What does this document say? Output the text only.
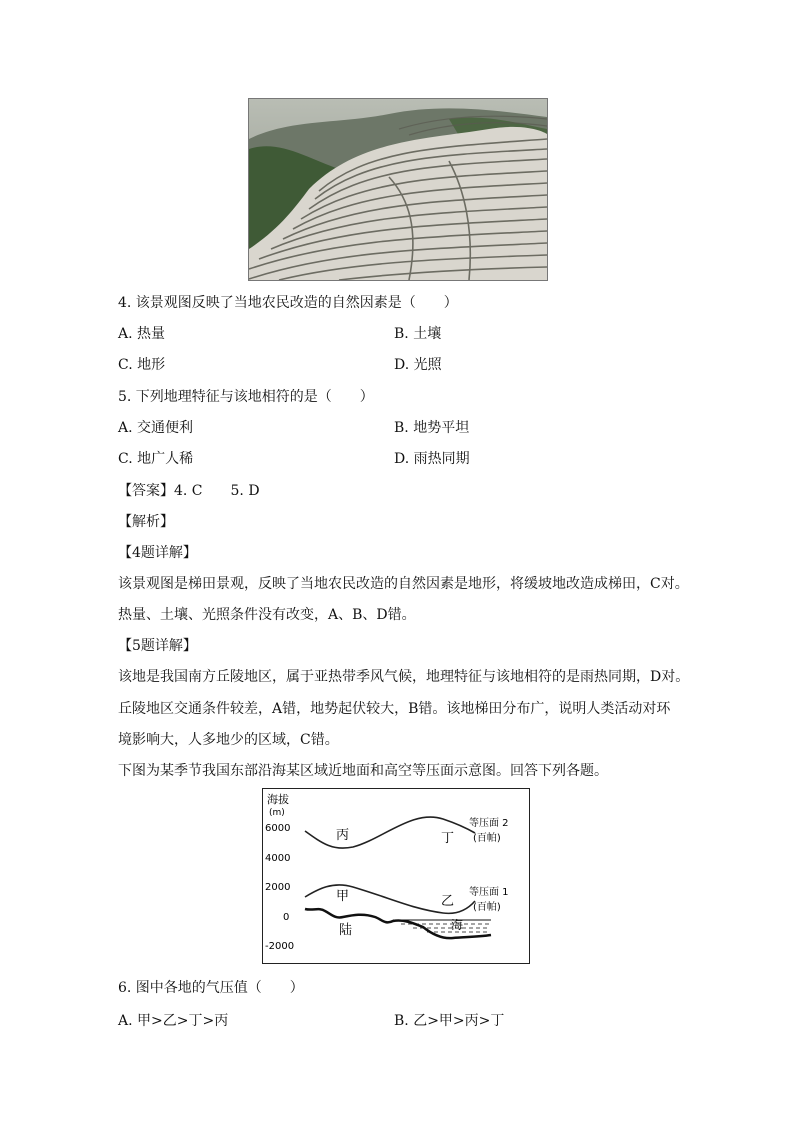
4. 该景观图反映了当地农民改造的自然因素是（　　）
A. 热量	B. 土壤
C. 地形	D. 光照
5. 下列地理特征与该地相符的是（　　）
A. 交通便利	B. 地势平坦
C. 地广人稀	D. 雨热同期
【答案】4. C　　5. D
【解析】
【4题详解】
该景观图是梯田景观，反映了当地农民改造的自然因素是地形，将缓坡地改造成梯田，C对。
热量、土壤、光照条件没有改变，A、B、D错。
【5题详解】
该地是我国南方丘陵地区，属于亚热带季风气候，地理特征与该地相符的是雨热同期，D对。
丘陵地区交通条件较差，A错，地势起伏较大，B错。该地梯田分布广，说明人类活动对环
境影响大，人多地少的区域，C错。
下图为某季节我国东部沿海某区域近地面和高空等压面示意图。回答下列各题。
海拔
(m)
6000
4000
2000
0
-2000
丙	丁
甲	乙
陆	海
等压面 2
(百帕)
等压面 1
(百帕)
6. 图中各地的气压值（　　）
A. 甲>乙>丁>丙	B. 乙>甲>丙>丁
